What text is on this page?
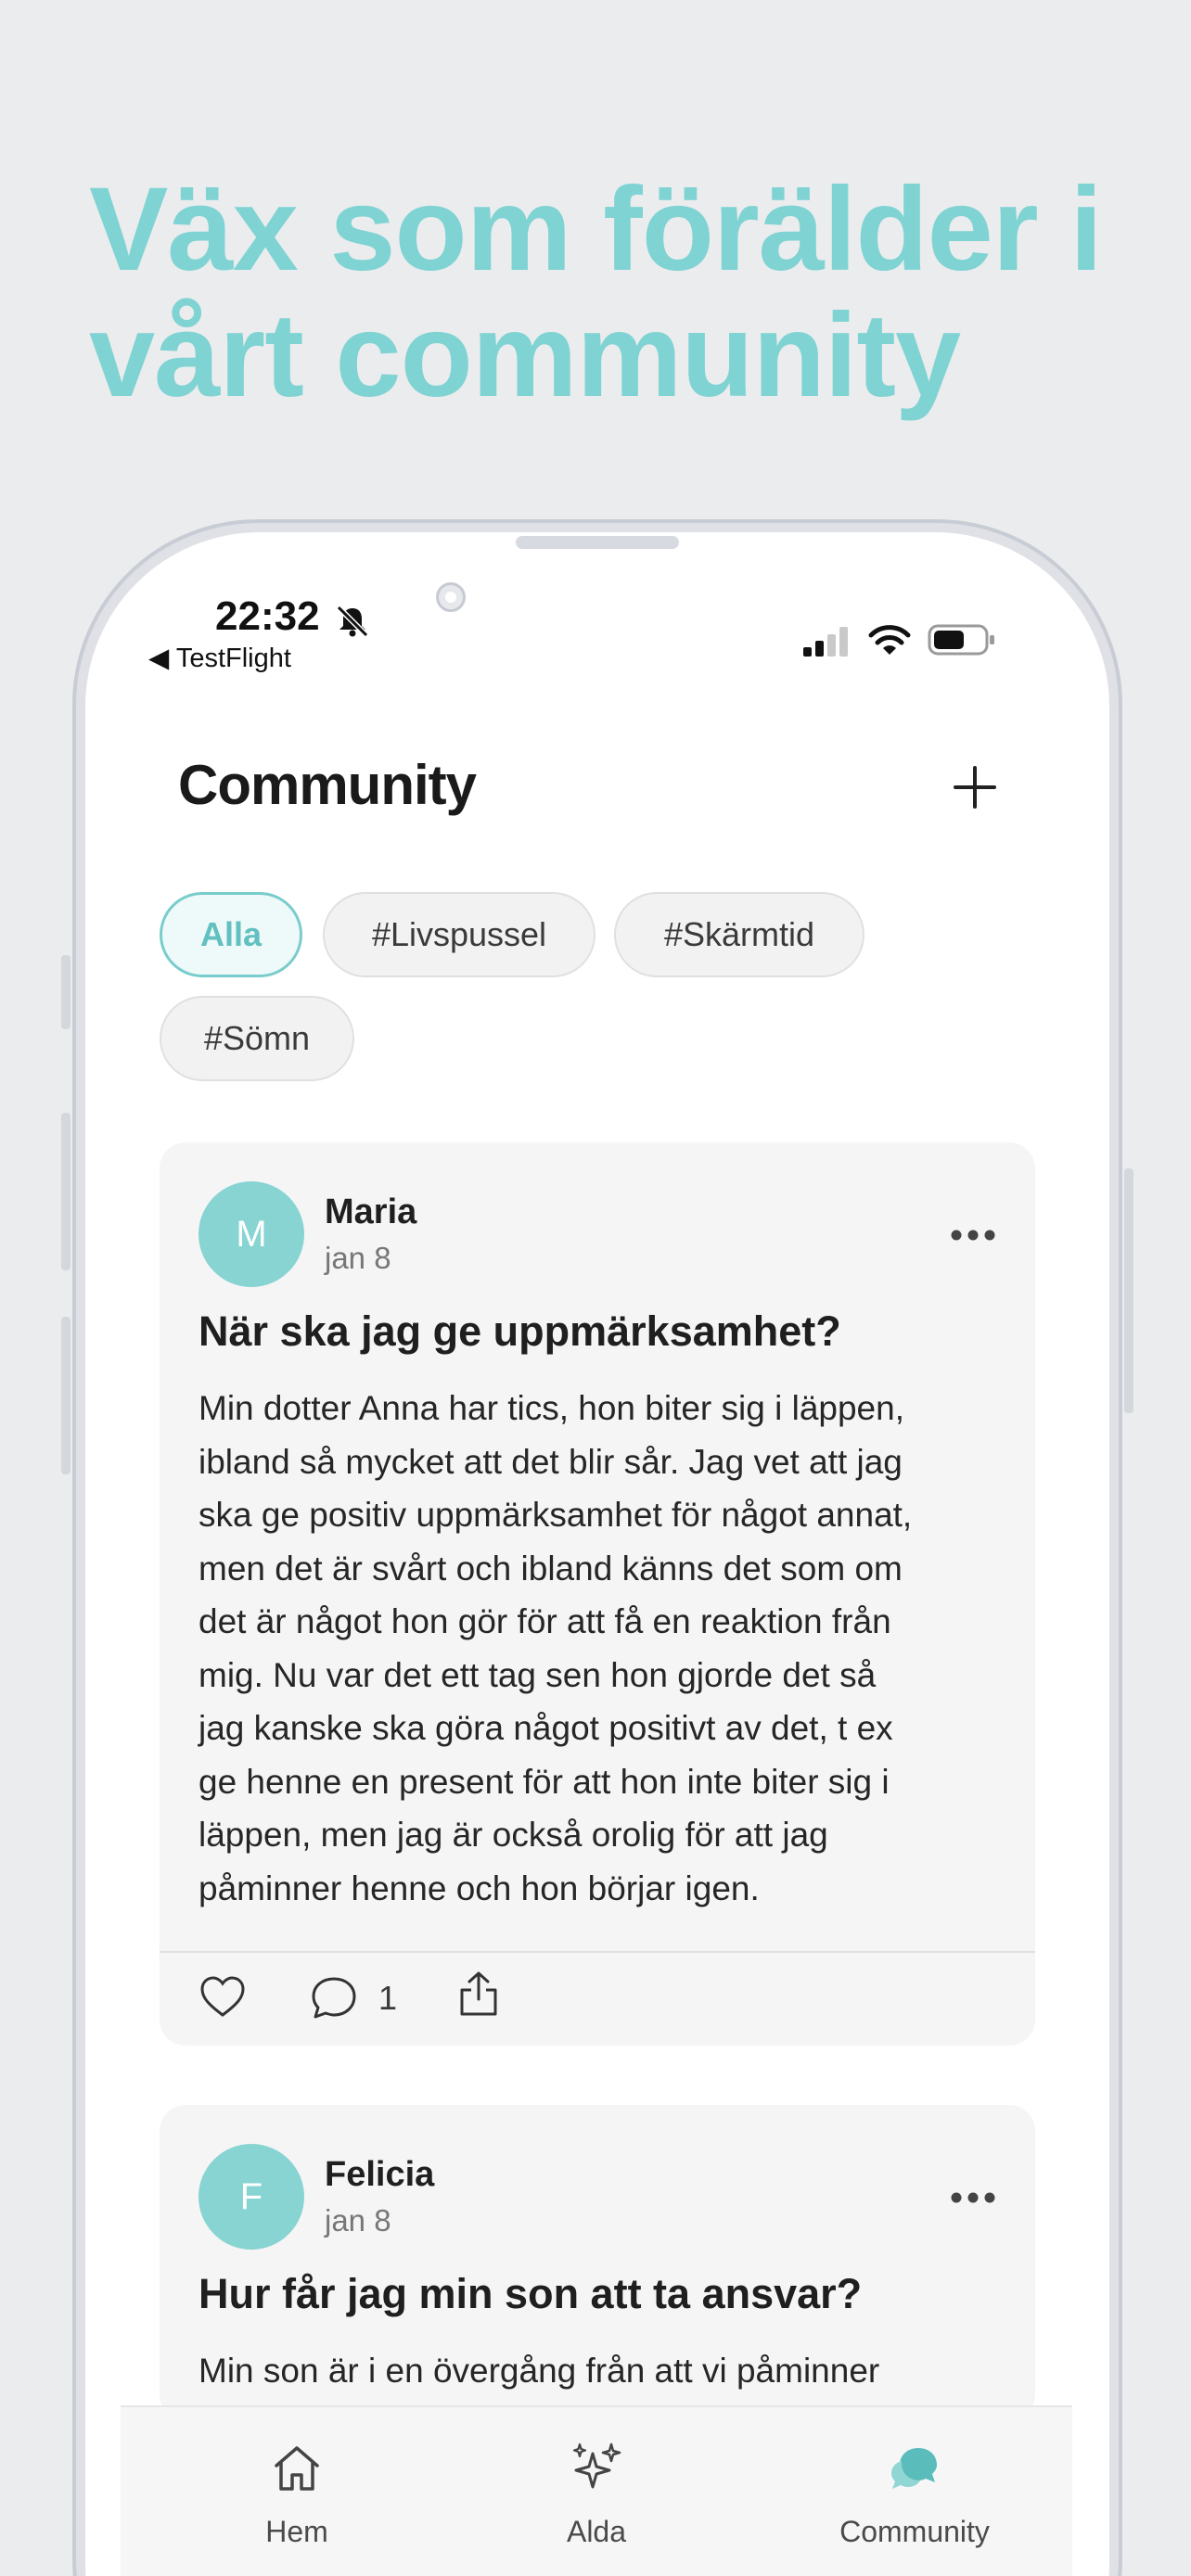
Väx som förälder i vårt community
22:32
◀ TestFlight
Community
Alla	#Livspussel	#Skärmtid
#Sömn
M
Maria
jan 8
När ska jag ge uppmärksamhet?
Min dotter Anna har tics, hon biter sig i läppen,
ibland så mycket att det blir sår. Jag vet att jag
ska ge positiv uppmärksamhet för något annat,
men det är svårt och ibland känns det som om
det är något hon gör för att få en reaktion från
mig. Nu var det ett tag sen hon gjorde det så
jag kanske ska göra något positivt av det, t ex
ge henne en present för att hon inte biter sig i
läppen, men jag är också orolig för att jag
påminner henne och hon börjar igen.
1
F
Felicia
jan 8
Hur får jag min son att ta ansvar?
Min son är i en övergång från att vi påminner
Hem	Alda	Community
